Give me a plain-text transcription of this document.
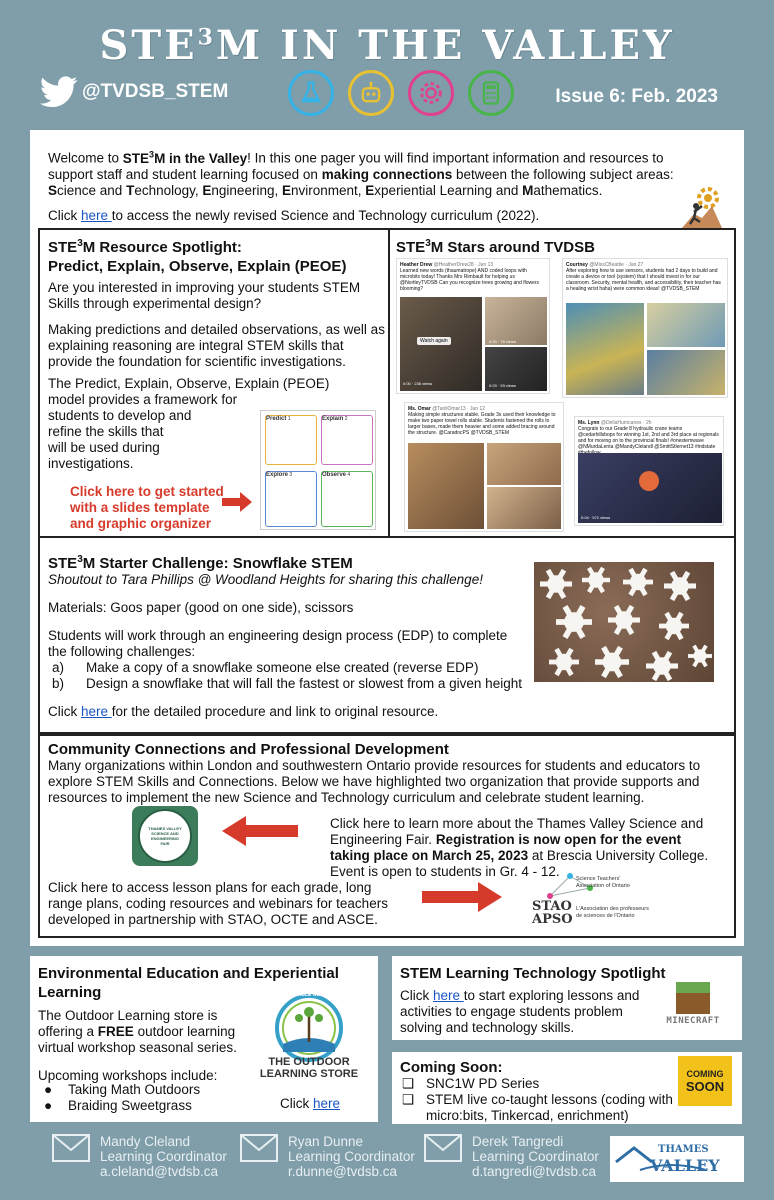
STE$^3$M IN THE VALLEY
@TVDSB_STEM	Issue 6: Feb. 2023

Welcome to STE$^3$M in the Valley! In this one pager you will find important information and resources to support staff and student learning focused on making connections between the following subject areas: Science and Technology, Engineering, Environment, Experiential Learning and Mathematics.

Click here to access the newly revised Science and Technology curriculum (2022).

STE$^3$M Resource Spotlight:
Predict, Explain, Observe, Explain (PEOE)

Are you interested in improving your students STEM Skills through experimental design?

Making predictions and detailed observations, as well as explaining reasoning are integral STEM skills that provide the foundation for scientific investigations.

The Predict, Explain, Observe, Explain (PEOE)
model provides a framework for
students to develop and
refine the skills that
will be used during
investigations.
Click here to get started
with a slides template
and graphic organizer
Predict 1	Explain 2
Explore 3	Observe 4
STE$^3$M Stars around TVDSB
Heather Drew @HeatherDrew28 · Jan 13
Learned new words (thaumatrope) AND coded loops with microbits today! Thanks Mrs Rimbault for helping us @NortleyTVDSB Can you recognize trees growing and flowers blooming?
Watch again
0:00 · 236 views
0:00 · 78 views
0:03 · 93 views
Courtney @MissCBeattie · Jan 27
After exploring how to use sensors, students had 2 days to build and create a device or tool (system) that I should invest in for our classroom. Security, mental health, and accessibility, their teacher has a healing wrist haha) were common ideas! @TVDSB_STEM
Ms. Omar @TariliOmar13 · Jan 12
Making simple structures stable. Grade 3s used their knowledge to make two paper towel rolls stable. Students fastened the rolls to larger bases, made them heavier and some added bracing around the structure. @CaradocPS @TVDSB_STEM
Ms. Lynn @DeliaHurricanes · 2h
Congrats to our Grade 8 hydraulic crane teams @cedarhillsbops for winning 1st, 2nd and 3rd place at regionals and for moving on to the provincial finals! #onestemwave @NMurdaLenta @MandyClelandl @SmittStlernet13 #indstate
0:04 · 572 views
STE$^3$M Starter Challenge: Snowflake STEM

Shoutout to Tara Phillips @ Woodland Heights for sharing this challenge!

Materials: Goos paper (good on one side), scissors

Students will work through an engineering design process (EDP) to complete the following challenges:

a) Make a copy of a snowflake someone else created (reverse EDP)
b) Design a snowflake that will fall the fastest or slowest from a given height

Click here for the detailed procedure and link to original resource.

Community Connections and Professional Development

Many organizations within London and southwestern Ontario provide resources for students and educators to explore STEM Skills and Connections. Below we have highlighted two organization that provide supports and resources to implement the new Science and Technology curriculum and celebrate student learning.

THAMES VALLEY SCIENCE AND ENGINEERING FAIR

Click here to learn more about the Thames Valley Science and Engineering Fair. Registration is now open for the event taking place on March 25, 2023 at Brescia University College. Event is open to students in Gr. 4 - 12.

Click here to access lesson plans for each grade, long range plans, coding resources and webinars for teachers developed in partnership with STAO, OCTE and ASCE.

STAO
APSO
Science Teachers'
Association of Ontario
L'Association des professeurs
de sciences de l'Ontario
Environmental Education and Experiential Learning

The Outdoor Learning store is offering a FREE outdoor learning virtual workshop seasonal series.

Upcoming workshops include:

● Taking Math Outdoors
● Braiding Sweetgrass
A CHARITABLE NON-PROFIT
THE OUTDOOR
LEARNING STORE

Click here

STEM Learning Technology Spotlight

Click here to start exploring lessons and activities to engage students problem solving and technology skills.	MINECRAFT
Coming Soon:
❑ SNC1W PD Series
❑ STEM live co-taught lessons (coding with micro:bits, Tinkercad, enrichment)
COMING
SOON
Mandy Cleland
Learning Coordinator
a.cleland@tvdsb.ca
Ryan Dunne
Learning Coordinator
r.dunne@tvdsb.ca
Derek Tangredi
Learning Coordinator
d.tangredi@tvdsb.ca
THAMES
VALLEY
